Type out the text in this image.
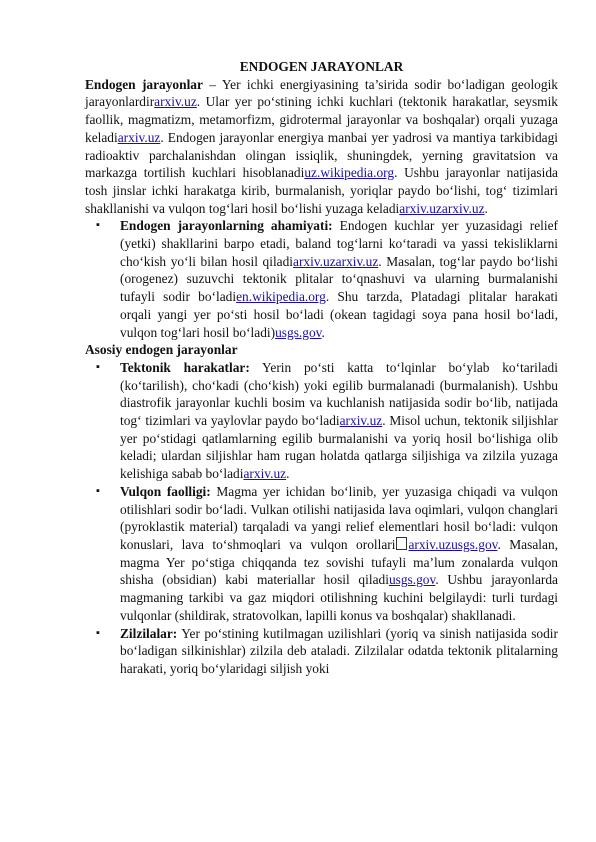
ENDOGEN JARAYONLAR

Endogen jarayonlar – Yer ichki energiyasining ta’sirida sodir bo‘ladigan geologik jarayonlardirarxiv.uz. Ular yer po‘stining ichki kuchlari (tektonik harakatlar, seysmik faollik, magmatizm, metamorfizm, gidrotermal jarayonlar va boshqalar) orqali yuzaga keladiarxiv.uz. Endogen jarayonlar energiya manbai yer yadrosi va mantiya tarkibidagi radioaktiv parchalanishdan olingan issiqlik, shuningdek, yerning gravitatsion va markazga tortilish kuchlari hisoblanadiuz.wikipedia.org. Ushbu jarayonlar natijasida tosh jinslar ichki harakatga kirib, burmalanish, yoriqlar paydo bo‘lishi, tog‘ tizimlari shakllanishi va vulqon tog‘lari hosil bo‘lishi yuzaga keladiarxiv.uzarxiv.uz.

▪ Endogen jarayonlarning ahamiyati: Endogen kuchlar yer yuzasidagi relief (yetki) shakllarini barpo etadi, baland tog‘larni ko‘taradi va yassi tekisliklarni cho‘kish yo‘li bilan hosil qiladiarxiv.uzarxiv.uz. Masalan, tog‘lar paydo bo‘lishi (orogenez) suzuvchi tektonik plitalar to‘qnashuvi va ularning burmalanishi tufayli sodir bo‘ladien.wikipedia.org. Shu tarzda, Platadagi plitalar harakati orqali yangi yer po‘sti hosil bo‘ladi (okean tagidagi soya pana hosil bo‘ladi, vulqon tog‘lari hosil bo‘ladi)usgs.gov.

Asosiy endogen jarayonlar

▪ Tektonik harakatlar: Yerin po‘sti katta to‘lqinlar bo‘ylab ko‘tariladi (ko‘tarilish), cho‘kadi (cho‘kish) yoki egilib burmalanadi (burmalanish). Ushbu diastrofik jarayonlar kuchli bosim va kuchlanish natijasida sodir bo‘lib, natijada tog‘ tizimlari va yaylovlar paydo bo‘ladiarxiv.uz. Misol uchun, tektonik siljishlar yer po‘stidagi qatlamlarning egilib burmalanishi va yoriq hosil bo‘lishiga olib keladi; ulardan siljishlar ham rugan holatda qatlarga siljishiga va zilzila yuzaga kelishiga sabab bo‘ladiarxiv.uz.
▪ Vulqon faolligi: Magma yer ichidan bo‘linib, yer yuzasiga chiqadi va vulqon otilishlari sodir bo‘ladi. Vulkan otilishi natijasida lava oqimlari, vulqon changlari (pyroklastik material) tarqaladi va yangi relief elementlari hosil bo‘ladi: vulqon konuslari, lava to‘shmoqlari va vulqon orollari arxiv.uzusgs.gov. Masalan, magma Yer po‘stiga chiqqanda tez sovishi tufayli ma’lum zonalarda vulqon shisha (obsidian) kabi materiallar hosil qiladiusgs.gov. Ushbu jarayonlarda magmaning tarkibi va gaz miqdori otilishning kuchini belgilaydi: turli turdagi vulqonlar (shildirak, stratovolkan, lapilli konus va boshqalar) shakllanadi.
▪ Zilzilalar: Yer po‘stining kutilmagan uzilishlari (yoriq va sinish natijasida sodir bo‘ladigan silkinishlar) zilzila deb ataladi. Zilzilalar odatda tektonik plitalarning harakati, yoriq bo‘ylaridagi siljish yoki
